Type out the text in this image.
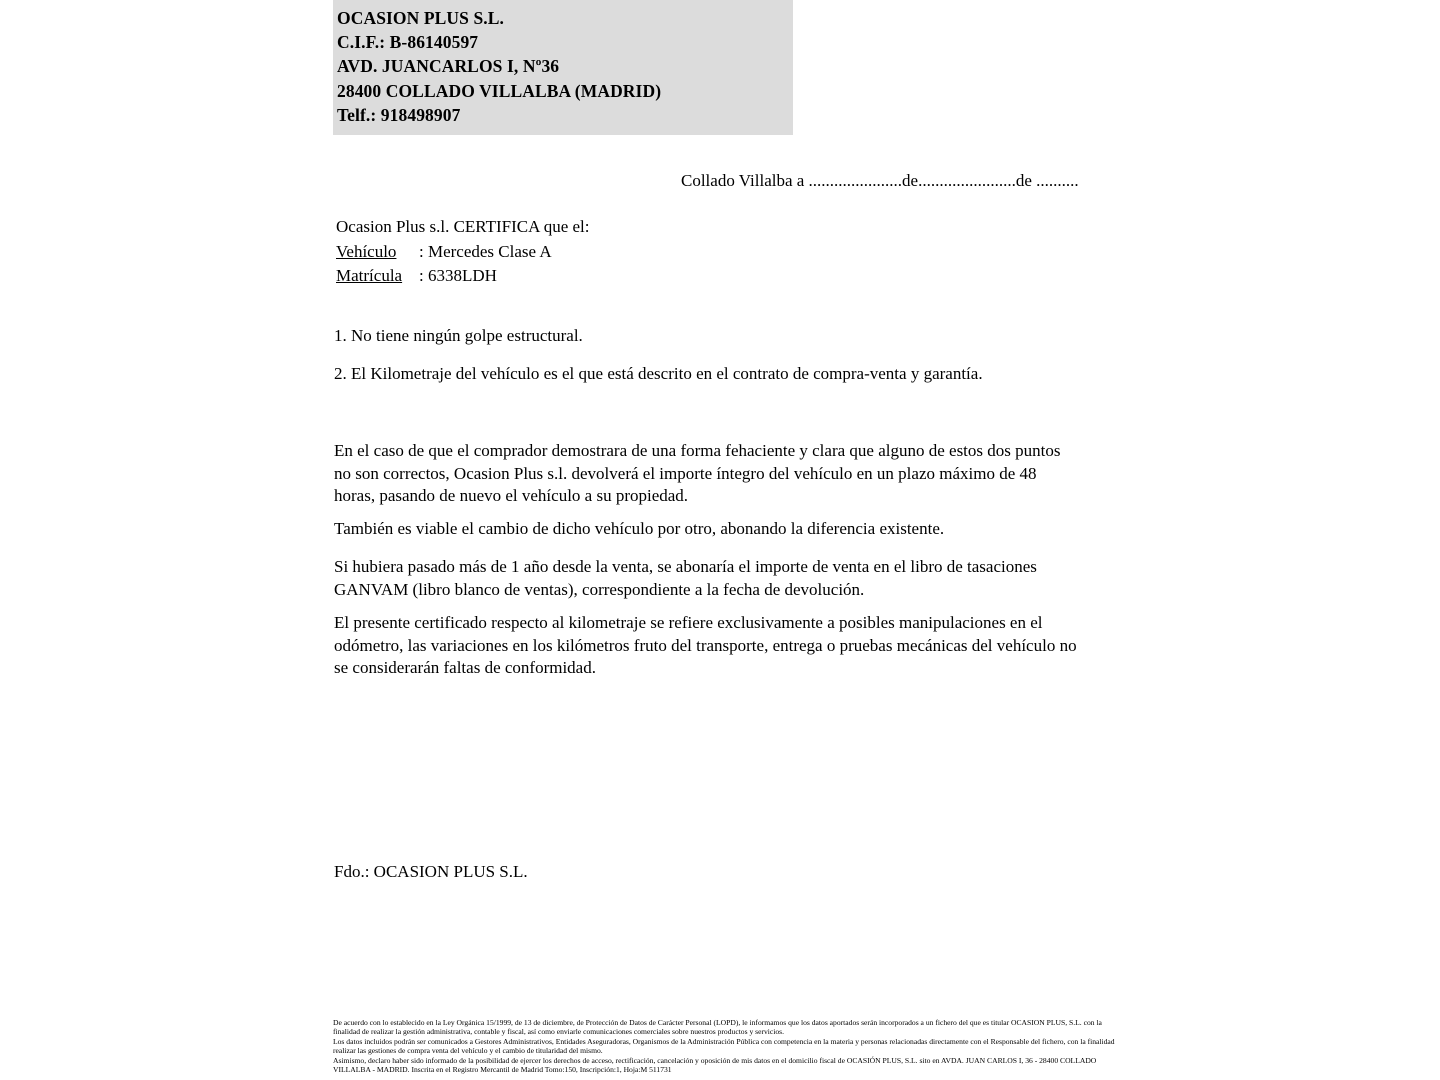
OCASION PLUS S.L.
C.I.F.: B-86140597
AVD. JUANCARLOS I, Nº36
28400 COLLADO VILLALBA (MADRID)
Telf.: 918498907
Collado Villalba a ......................de.......................de ..........
Ocasion Plus s.l. CERTIFICA que el:
Vehículo : Mercedes Clase A
Matrícula : 6338LDH
1. No tiene ningún golpe estructural.
2. El Kilometraje del vehículo es el que está descrito en el contrato de compra-venta y garantía.
En el caso de que el comprador demostrara de una forma fehaciente y clara que alguno de estos dos puntos no son correctos, Ocasion Plus s.l. devolverá el importe íntegro del vehículo en un plazo máximo de 48 horas, pasando de nuevo el vehículo a su propiedad.
También es viable el cambio de dicho vehículo por otro, abonando la diferencia existente.
Si hubiera pasado más de 1 año desde la venta, se abonaría el importe de venta en el libro de tasaciones GANVAM (libro blanco de ventas), correspondiente a la fecha de devolución.
El presente certificado respecto al kilometraje se refiere exclusivamente a posibles manipulaciones en el odómetro, las variaciones en los kilómetros fruto del transporte, entrega o pruebas mecánicas del vehículo no se considerarán faltas de conformidad.
Fdo.: OCASION PLUS S.L.

De acuerdo con lo establecido en la Ley Orgánica 15/1999, de 13 de diciembre, de Protección de Datos de Carácter Personal (LOPD), le informamos que los datos aportados serán incorporados a un fichero del que es titular OCASION PLUS, S.L. con la finalidad de realizar la gestión administrativa, contable y fiscal, así como enviarle comunicaciones comerciales sobre nuestros productos y servicios.

Los datos incluidos podrán ser comunicados a Gestores Administrativos, Entidades Aseguradoras, Organismos de la Administración Pública con competencia en la materia y personas relacionadas directamente con el Responsable del fichero, con la finalidad realizar las gestiones de compra venta del vehículo y el cambio de titularidad del mismo.

Asimismo, declaro haber sido informado de la posibilidad de ejercer los derechos de acceso, rectificación, cancelación y oposición de mis datos en el domicilio fiscal de OCASIÓN PLUS, S.L. sito en AVDA. JUAN CARLOS I, 36 - 28400 COLLADO VILLALBA - MADRID. Inscrita en el Registro Mercantil de Madrid Tomo:150, Inscripción:1, Hoja:M 511731
